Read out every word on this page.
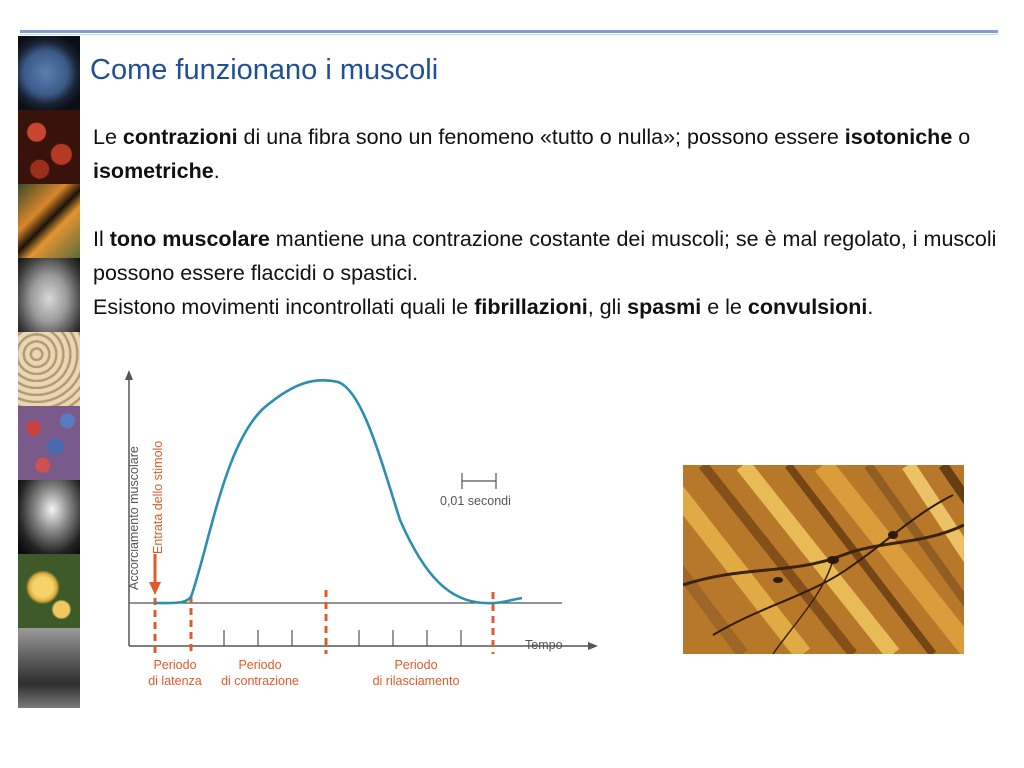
Come funzionano i muscoli

Le contrazioni di una fibra sono un fenomeno «tutto o nulla»; possono essere isotoniche o isometriche.

Il tono muscolare mantiene una contrazione costante dei muscoli; se è mal regolato, i muscoli possono essere flaccidi o spastici.

Esistono movimenti incontrollati quali le fibrillazioni, gli spasmi e le convulsioni.

0,01 secondi
Accorciamento muscolare Entrata dello stimolo
Tempo
Periodo
di latenza
Periodo
di contrazione
Periodo
di rilasciamento
